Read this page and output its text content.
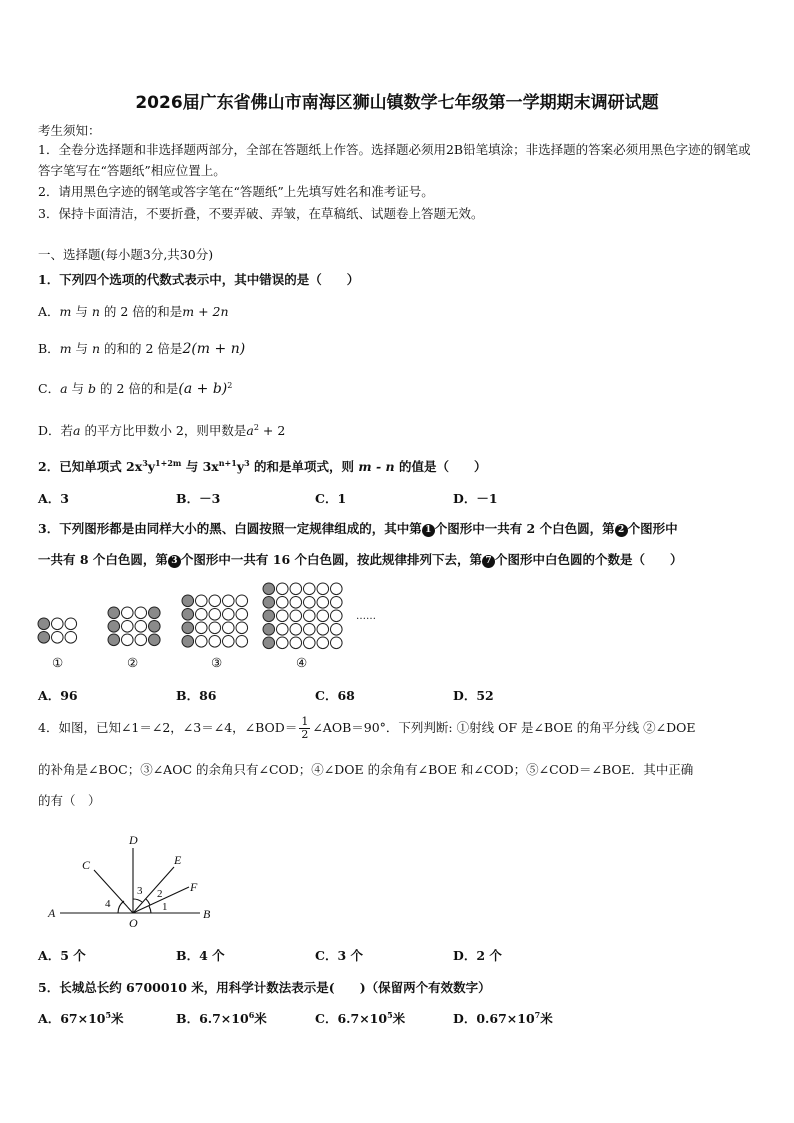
2026届广东省佛山市南海区狮山镇数学七年级第一学期期末调研试题
考生须知：
1．全卷分选择题和非选择题两部分，全部在答题纸上作答。选择题必须用2B铅笔填涂；非选择题的答案必须用黑色字迹的钢笔或答字笔写在“答题纸”相应位置上。
2．请用黑色字迹的钢笔或答字笔在“答题纸”上先填写姓名和准考证号。
3．保持卡面清洁，不要折叠，不要弄破、弄皱，在草稿纸、试题卷上答题无效。
一、选择题(每小题3分,共30分)
1．下列四个选项的代数式表示中，其中错误的是（　　）
A．m 与 n 的 2 倍的和是m + 2n
B．m 与 n 的和的 2 倍是2(m + n)
C．a 与 b 的 2 倍的和是$(a + b)^2$
D．若a 的平方比甲数小 2，则甲数是$a^2 + 2$
2．已知单项式 $2x^3y^{1+2m}$ 与 $3x^{n+1}y^3$ 的和是单项式，则 m - n 的值是（　　）
A．3	B．－3	C．1	D．－1
3．下列图形都是由同样大小的黑、白圆按照一定规律组成的，其中第 1 个图形中一共有 2 个白色圆，第 2 个图形中
一共有 8 个白色圆，第 3 个图形中一共有 16 个白色圆，按此规律排列下去，第 7 个图形中白色圆的个数是（　　）
①	②	③	④
……
A．96	B．86	C．68	D．52
4．如图，已知∠1＝∠2，∠3＝∠4，∠BOD＝ $\frac{1}{2}$ ∠AOB＝90°．下列判断: ①射线 OF 是∠BOE 的角平分线 ②∠DOE
的补角是∠BOC；③∠AOC 的余角只有∠COD；④∠DOE 的余角有∠BOE 和∠COD；⑤∠COD＝∠BOE．其中正确
的有（　）
A	B
C
D
E
F
O
1
2
3
4
A．5 个	B．4 个	C．3 个	D．2 个
5．长城总长约 6700010 米，用科学计数法表示是(　　)（保留两个有效数字）
A．$67\times 10^5$米	B．$6.7\times 10^6$米	C．$6.7\times 10^5$米	D．$0.67\times 10^7$米
